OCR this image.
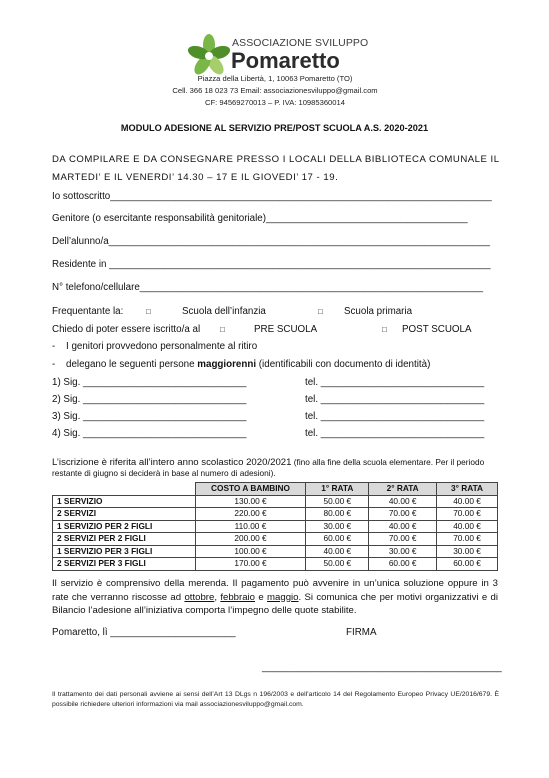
ASSOCIAZIONE SVILUPPO
Pomaretto
Piazza della Libertà, 1, 10063 Pomaretto (TO)
Cell. 366 18 023 73 Email: associazionesviluppo@gmail.com
CF: 94569270013 – P. IVA: 10985360014
MODULO ADESIONE AL SERVIZIO PRE/POST SCUOLA A.S. 2020-2021
DA COMPILARE E DA CONSEGNARE PRESSO I LOCALI DELLA BIBLIOTECA COMUNALE IL
MARTEDI’ E IL VENERDI’ 14.30 – 17 E IL GIOVEDI’ 17 - 19.
Io sottoscritto______________________________________________________________________
Genitore (o esercitante responsabilità genitoriale)_____________________________________
Dell’alunno/a______________________________________________________________________
Residente in ______________________________________________________________________
N° telefono/cellulare_______________________________________________________________
Frequentante la:	□	Scuola dell’infanzia	□ Scuola primaria
Chiedo di poter essere iscritto/a al □	PRE SCUOLA	□ POST SCUOLA
- I genitori provvedono personalmente al ritiro
- delegano le seguenti persone maggiorenni (identificabili con documento di identità)
1) Sig. ______________________________	tel. ______________________________
2) Sig. ______________________________	tel. ______________________________
3) Sig. ______________________________	tel. ______________________________
4) Sig. ______________________________	tel. ______________________________
L’iscrizione è riferita all’intero anno scolastico 2020/2021 (fino alla fine della scuola elementare. Per il periodo restante di giugno si deciderà in base al numero di adesioni).
	COSTO A BAMBINO	1° RATA	2° RATA	3° RATA
1 SERVIZIO	130.00 €	50.00 €	40.00 €	40.00 €
2 SERVIZI	220.00 €	80.00 €	70.00 €	70.00 €
1 SERVIZIO PER 2 FIGLI	110.00 €	30.00 €	40.00 €	40.00 €
2 SERVIZI PER 2 FIGLI	200.00 €	60.00 €	70.00 €	70.00 €
1 SERVIZIO PER 3 FIGLI	100.00 €	40.00 €	30.00 €	30.00 €
2 SERVIZI PER 3 FIGLI	170.00 €	50.00 €	60.00 €	60.00 €
Il servizio è comprensivo della merenda. Il pagamento può avvenire in un’unica soluzione oppure in 3 rate che verranno riscosse ad ottobre, febbraio e maggio. Si comunica che per motivi organizzativi e di Bilancio l’adesione all’iniziativa comporta l’impegno delle quote stabilite.
Pomaretto, lì _______________________	FIRMA
____________________________________________
Il trattamento dei dati personali avviene ai sensi dell’Art 13 DLgs n 196/2003 e dell’articolo 14 del Regolamento Europeo Privacy UE/2016/679. È possibile richiedere ulteriori informazioni via mail associazionesviluppo@gmail.com.
